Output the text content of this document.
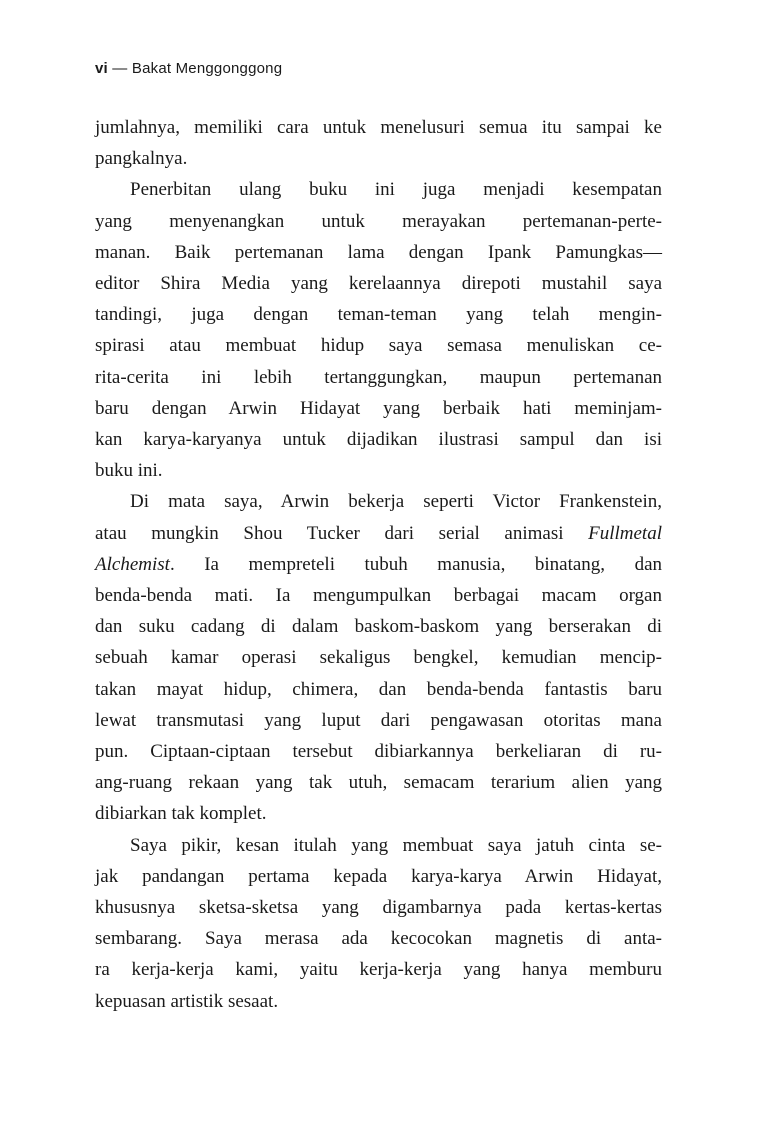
vi — Bakat Menggonggong

jumlahnya, memiliki cara untuk menelusuri semua itu sampai ke
pangkalnya.

Penerbitan ulang buku ini juga menjadi kesempatan
yang menyenangkan untuk merayakan pertemanan-perte-
manan. Baik pertemanan lama dengan Ipank Pamungkas—
editor Shira Media yang kerelaannya direpoti mustahil saya
tandingi, juga dengan teman-teman yang telah mengin-
spirasi atau membuat hidup saya semasa menuliskan ce-
rita-cerita ini lebih tertanggungkan, maupun pertemanan
baru dengan Arwin Hidayat yang berbaik hati meminjam-
kan karya-karyanya untuk dijadikan ilustrasi sampul dan isi
buku ini.

Di mata saya, Arwin bekerja seperti Victor Frankenstein,
atau mungkin Shou Tucker dari serial animasi Fullmetal
Alchemist. Ia mempreteli tubuh manusia, binatang, dan
benda-benda mati. Ia mengumpulkan berbagai macam organ
dan suku cadang di dalam baskom-baskom yang berserakan di
sebuah kamar operasi sekaligus bengkel, kemudian mencip-
takan mayat hidup, chimera, dan benda-benda fantastis baru
lewat transmutasi yang luput dari pengawasan otoritas mana
pun. Ciptaan-ciptaan tersebut dibiarkannya berkeliaran di ru-
ang-ruang rekaan yang tak utuh, semacam terarium alien yang
dibiarkan tak komplet.

Saya pikir, kesan itulah yang membuat saya jatuh cinta se-
jak pandangan pertama kepada karya-karya Arwin Hidayat,
khususnya sketsa-sketsa yang digambarnya pada kertas-kertas
sembarang. Saya merasa ada kecocokan magnetis di anta-
ra kerja-kerja kami, yaitu kerja-kerja yang hanya memburu
kepuasan artistik sesaat.
